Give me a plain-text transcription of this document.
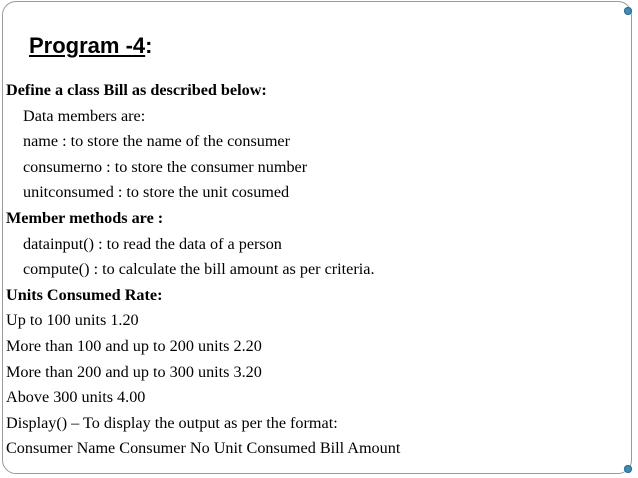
Program -4:
Define a class Bill as described below:
Data members are:
name : to store the name of the consumer
consumerno : to store the consumer number
unitconsumed : to store the unit cosumed
Member methods are :
datainput() : to read the data of a person
compute() : to calculate the bill amount as per criteria.
Units Consumed Rate:
Up to 100 units 1.20
More than 100 and up to 200 units 2.20
More than 200 and up to 300 units 3.20
Above 300 units 4.00
Display() – To display the output as per the format:
Consumer Name Consumer No Unit Consumed Bill Amount
